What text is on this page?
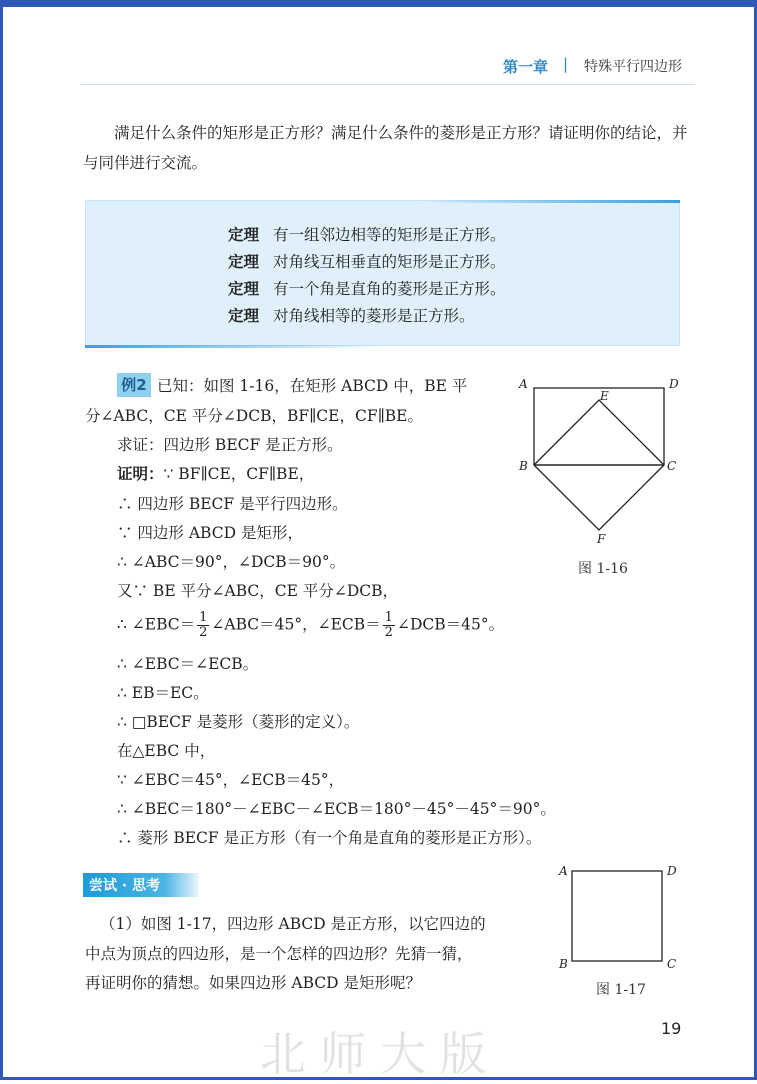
第一章 | 特殊平行四边形
满足什么条件的矩形是正方形？满足什么条件的菱形是正方形？请证明你的结论，并与同伴进行交流。
定理 有一组邻边相等的矩形是正方形。
定理 对角线互相垂直的矩形是正方形。
定理 有一个角是直角的菱形是正方形。
定理 对角线相等的菱形是正方形。
例2 已知：如图 1-16，在矩形 ABCD 中，BE 平
分∠ABC，CE 平分∠DCB，BF∥CE，CF∥BE。
求证：四边形 BECF 是正方形。
证明：∵ BF∥CE，CF∥BE，
∴ 四边形 BECF 是平行四边形。
∵ 四边形 ABCD 是矩形，
∴ ∠ABC＝90°，∠DCB＝90°。
又∵ BE 平分∠ABC，CE 平分∠DCB，
∴ ∠EBC＝ $\frac{1}{2}$ ∠ABC＝45°，∠ECB＝ $\frac{1}{2}$ ∠DCB＝45°。
∴ ∠EBC＝∠ECB。
∴ EB＝EC。
∴ □BECF 是菱形（菱形的定义）。
在△EBC 中，
∵ ∠EBC＝45°，∠ECB＝45°，
∴ ∠BEC＝180°－∠EBC－∠ECB＝180°－45°－45°＝90°。
∴ 菱形 BECF 是正方形（有一个角是直角的菱形是正方形）。
A	D
E
B	C
F
图 1-16
尝试 · 思考
（1）如图 1-17，四边形 ABCD 是正方形，以它四边的
中点为顶点的四边形，是一个怎样的四边形？先猜一猜，
再证明你的猜想。如果四边形 ABCD 是矩形呢？
A	D
B	C
图 1-17
北师大版	19
